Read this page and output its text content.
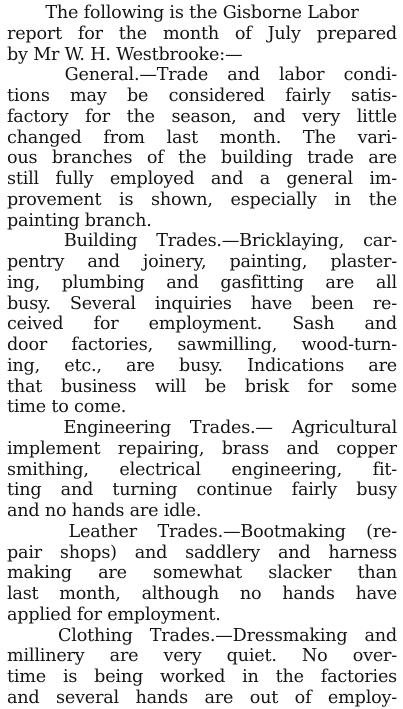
The following is the Gisborne Labor
report for the month of July prepared
by Mr W. H. Westbrooke:—
General.—Trade and labor condi-
tions may be considered fairly satis-
factory for the season, and very little
changed from last month. The vari-
ous branches of the building trade are
still fully employed and a general im-
provement is shown, especially in the
painting branch.
Building Trades.—Bricklaying, car-
pentry and joinery, painting, plaster-
ing, plumbing and gasfitting are all
busy. Several inquiries have been re-
ceived for employment. Sash and
door factories, sawmilling, wood-turn-
ing, etc., are busy. Indications are
that business will be brisk for some
time to come.
Engineering Trades.— Agricultural
implement repairing, brass and copper
smithing, electrical engineering, fit-
ting and turning continue fairly busy
and no hands are idle.
Leather Trades.—Bootmaking (re-
pair shops) and saddlery and harness
making are somewhat slacker than
last month, although no hands have
applied for employment.
Clothing Trades.—Dressmaking and
millinery are very quiet. No over-
time is being worked in the factories
and several hands are out of employ-
